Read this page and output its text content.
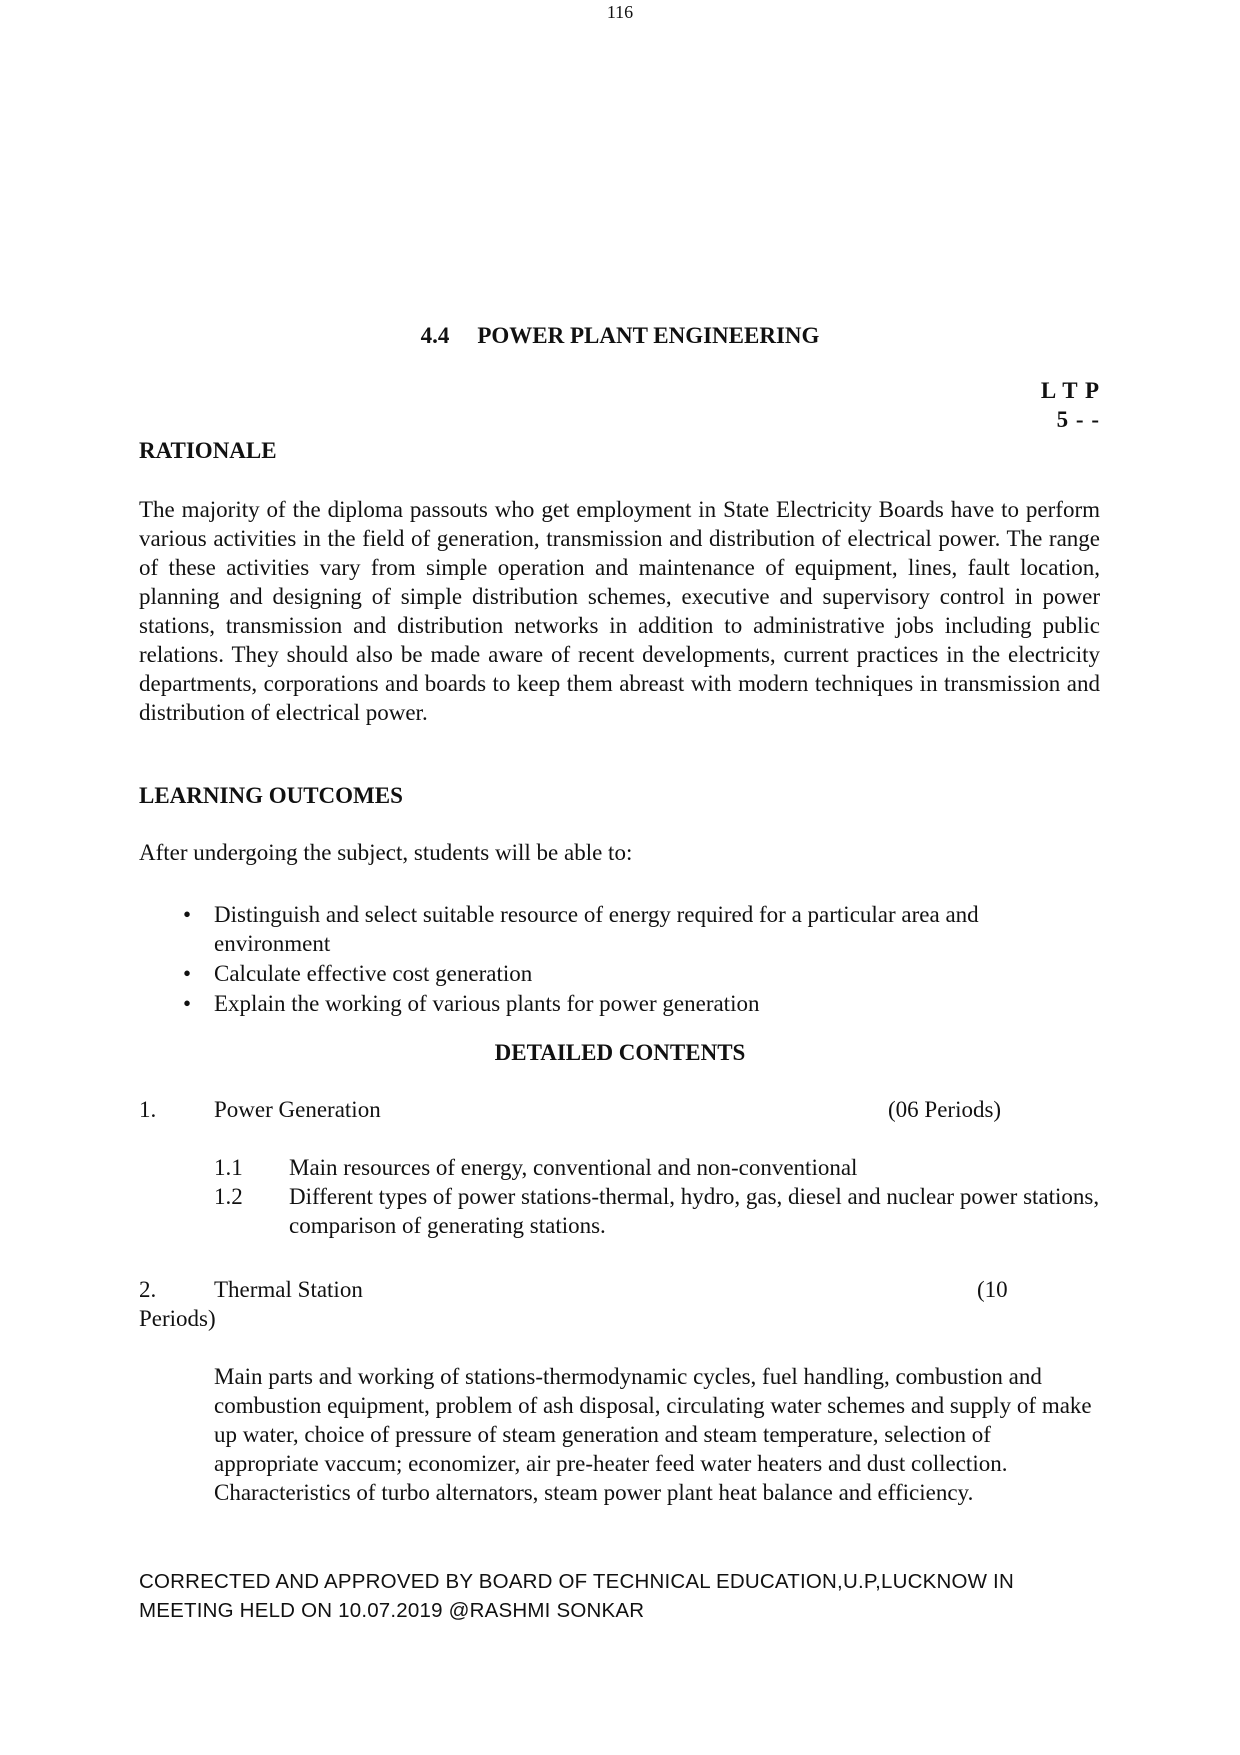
116
4.4 POWER PLANT ENGINEERING
L T P
5 - -
RATIONALE
The majority of the diploma passouts who get employment in State Electricity Boards have to perform various activities in the field of generation, transmission and distribution of electrical power. The range of these activities vary from simple operation and maintenance of equipment, lines, fault location, planning and designing of simple distribution schemes, executive and supervisory control in power stations, transmission and distribution networks in addition to administrative jobs including public relations. They should also be made aware of recent developments, current practices in the electricity departments, corporations and boards to keep them abreast with modern techniques in transmission and distribution of electrical power.
LEARNING OUTCOMES
After undergoing the subject, students will be able to:
• Distinguish and select suitable resource of energy required for a particular area and environment
• Calculate effective cost generation
• Explain the working of various plants for power generation
DETAILED CONTENTS
1.	Power Generation	(06 Periods)
1.1 Main resources of energy, conventional and non-conventional
1.2 Different types of power stations-thermal, hydro, gas, diesel and nuclear power stations, comparison of generating stations.
2.	Thermal Station	(10
Periods)
Main parts and working of stations-thermodynamic cycles, fuel handling, combustion and combustion equipment, problem of ash disposal, circulating water schemes and supply of make up water, choice of pressure of steam generation and steam temperature, selection of appropriate vaccum; economizer, air pre-heater feed water heaters and dust collection. Characteristics of turbo alternators, steam power plant heat balance and efficiency.
CORRECTED AND APPROVED BY BOARD OF TECHNICAL EDUCATION,U.P,LUCKNOW IN
MEETING HELD ON 10.07.2019 @RASHMI SONKAR
